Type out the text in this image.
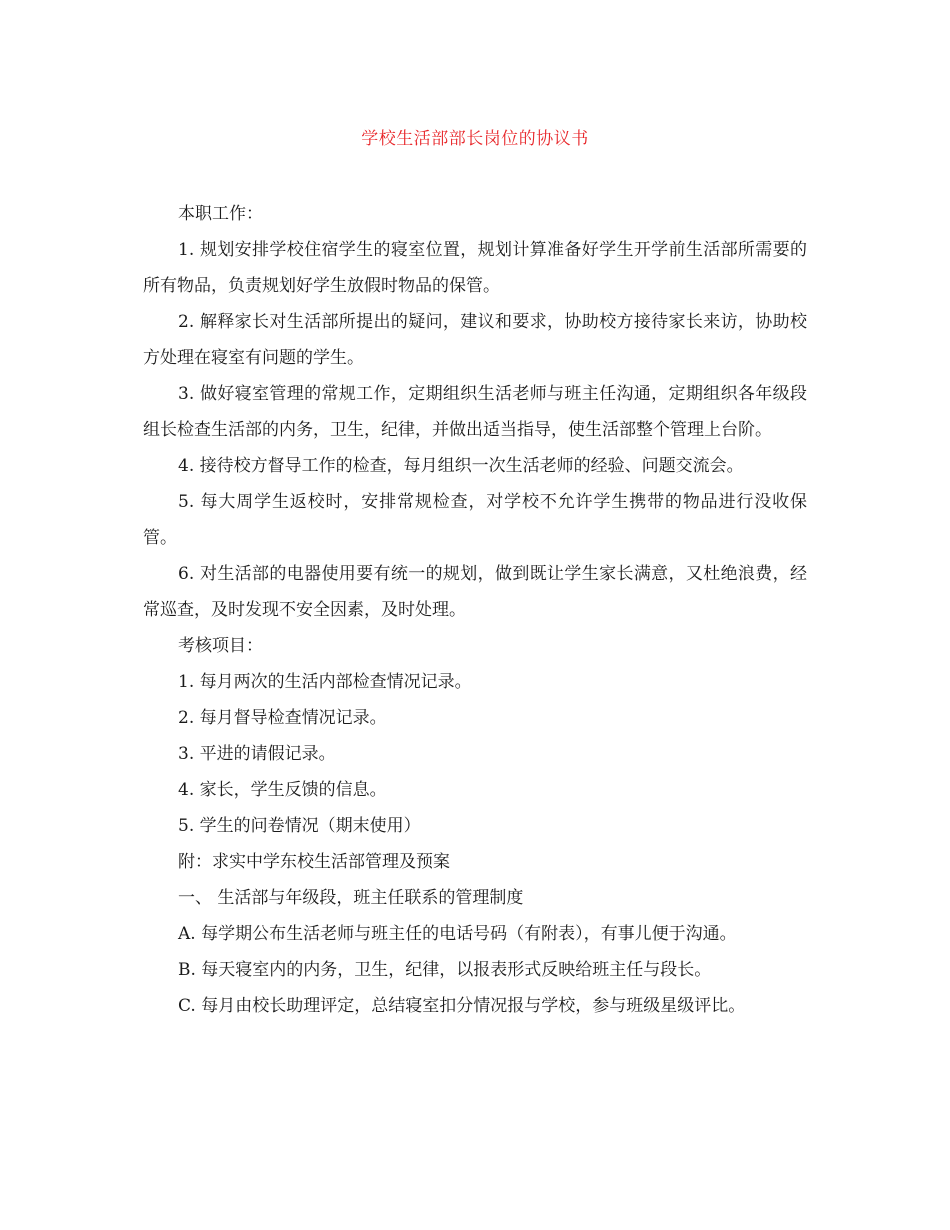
学校生活部部长岗位的协议书

本职工作：

1. 规划安排学校住宿学生的寝室位置，规划计算准备好学生开学前生活部所需要的所有物品，负责规划好学生放假时物品的保管。

2. 解释家长对生活部所提出的疑问，建议和要求，协助校方接待家长来访，协助校方处理在寝室有问题的学生。

3. 做好寝室管理的常规工作，定期组织生活老师与班主任沟通，定期组织各年级段组长检查生活部的内务，卫生，纪律，并做出适当指导，使生活部整个管理上台阶。

4. 接待校方督导工作的检查，每月组织一次生活老师的经验、问题交流会。

5. 每大周学生返校时，安排常规检查，对学校不允许学生携带的物品进行没收保管。

6. 对生活部的电器使用要有统一的规划，做到既让学生家长满意，又杜绝浪费，经常巡查，及时发现不安全因素，及时处理。

考核项目：

1. 每月两次的生活内部检查情况记录。

2. 每月督导检查情况记录。

3. 平进的请假记录。

4. 家长，学生反馈的信息。

5. 学生的问卷情况（期末使用）

附：求实中学东校生活部管理及预案

一、 生活部与年级段，班主任联系的管理制度

A. 每学期公布生活老师与班主任的电话号码（有附表），有事儿便于沟通。

B. 每天寝室内的内务，卫生，纪律，以报表形式反映给班主任与段长。

C. 每月由校长助理评定，总结寝室扣分情况报与学校，参与班级星级评比。
